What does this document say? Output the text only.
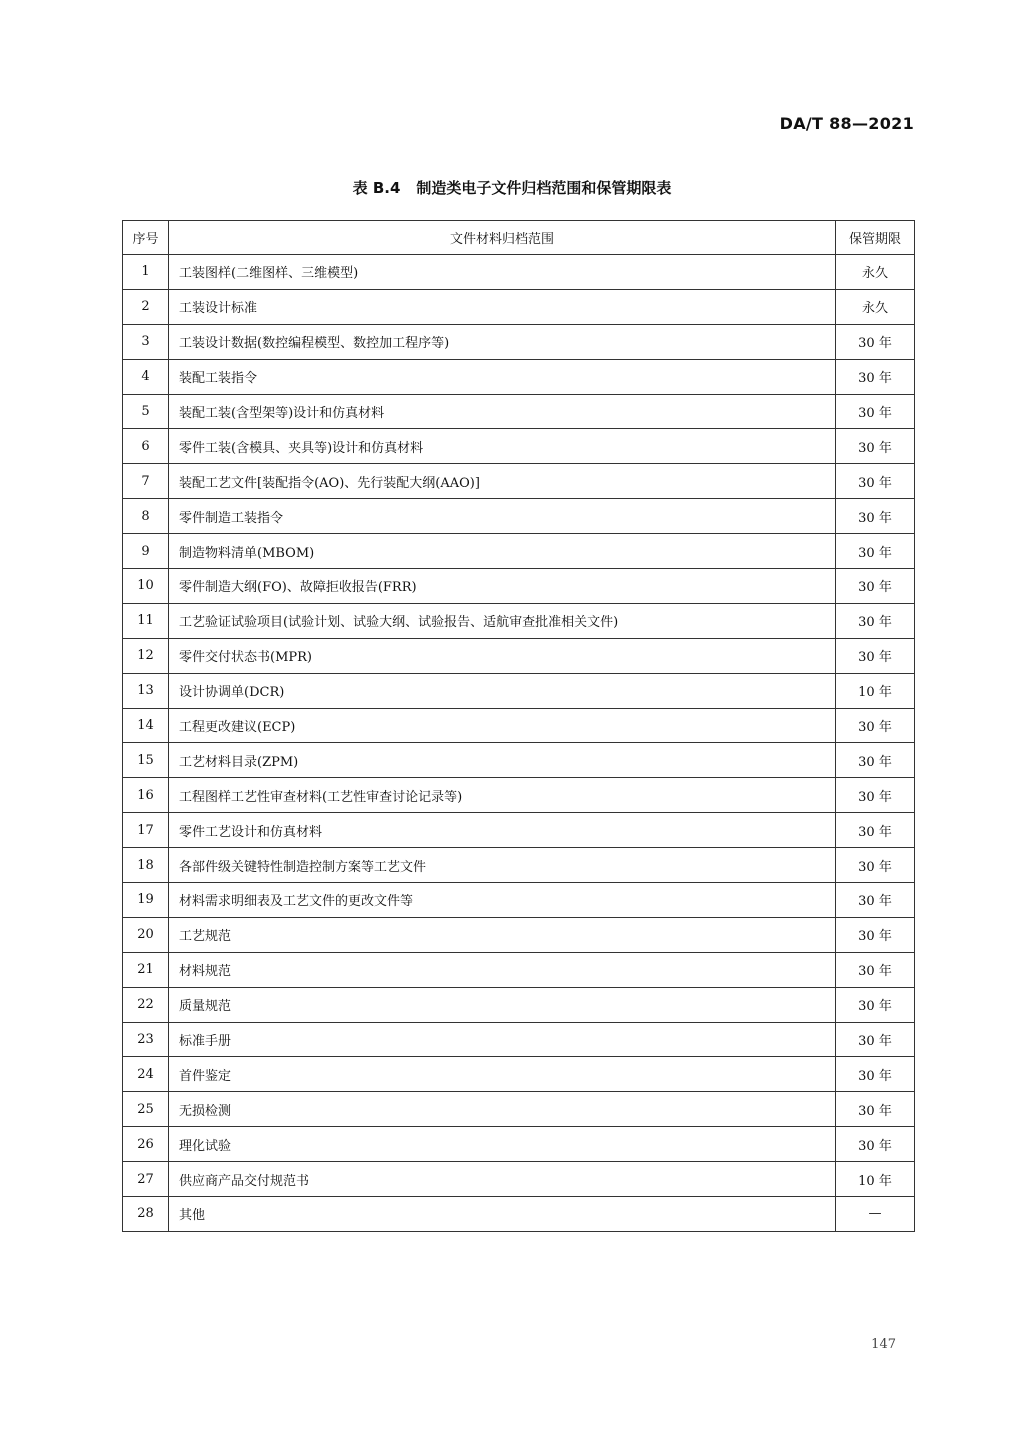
DA/T 88—2021
表 B.4 制造类电子文件归档范围和保管期限表
序号	文件材料归档范围	保管期限
1	工装图样(二维图样、三维模型)	永久
2	工装设计标准	永久
3	工装设计数据(数控编程模型、数控加工程序等)	30 年
4	装配工装指令	30 年
5	装配工装(含型架等)设计和仿真材料	30 年
6	零件工装(含模具、夹具等)设计和仿真材料	30 年
7	装配工艺文件[装配指令(AO)、先行装配大纲(AAO)]	30 年
8	零件制造工装指令	30 年
9	制造物料清单(MBOM)	30 年
10	零件制造大纲(FO)、故障拒收报告(FRR)	30 年
11	工艺验证试验项目(试验计划、试验大纲、试验报告、适航审查批准相关文件)	30 年
12	零件交付状态书(MPR)	30 年
13	设计协调单(DCR)	10 年
14	工程更改建议(ECP)	30 年
15	工艺材料目录(ZPM)	30 年
16	工程图样工艺性审查材料(工艺性审查讨论记录等)	30 年
17	零件工艺设计和仿真材料	30 年
18	各部件级关键特性制造控制方案等工艺文件	30 年
19	材料需求明细表及工艺文件的更改文件等	30 年
20	工艺规范	30 年
21	材料规范	30 年
22	质量规范	30 年
23	标准手册	30 年
24	首件鉴定	30 年
25	无损检测	30 年
26	理化试验	30 年
27	供应商产品交付规范书	10 年
28	其他	—
147
